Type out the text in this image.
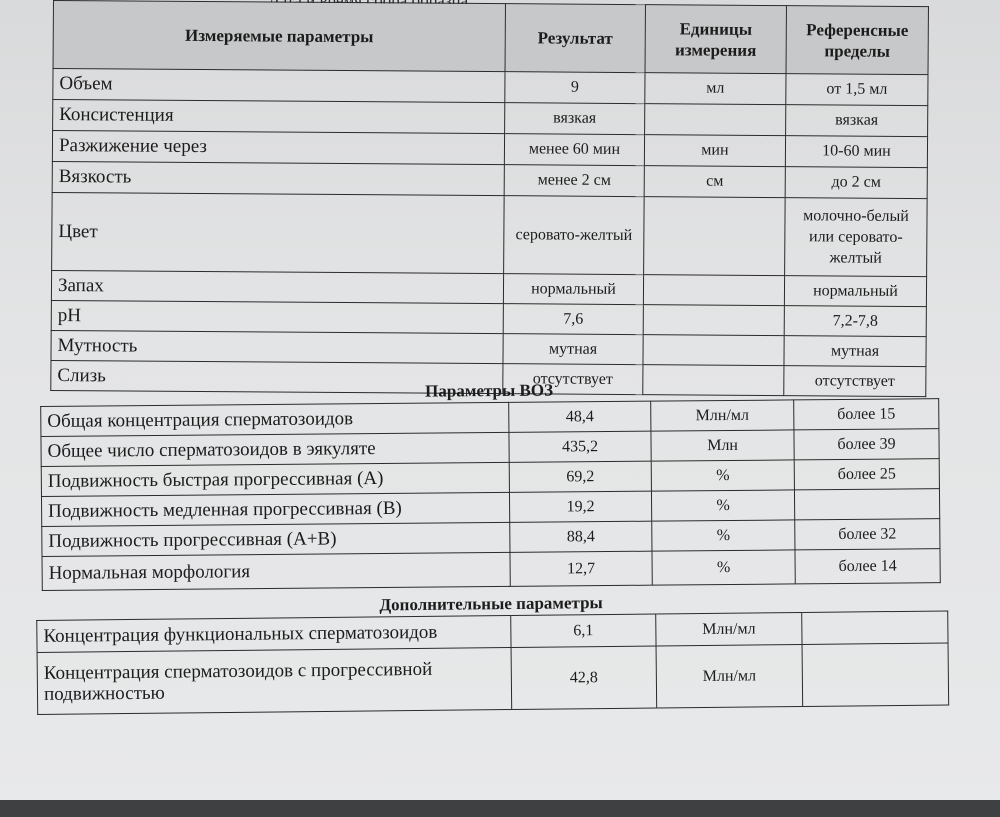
Измеряемые параметры	Результат	Единицы измерения	Референсные пределы
Объем	9	мл	от 1,5 мл
Консистенция	вязкая		вязкая
Разжижение через	менее 60 мин	мин	10-60 мин
Вязкость	менее 2 см	см	до 2 см
Цвет	серовато-желтый		молочно-белый или серовато-желтый
Запах	нормальный		нормальный
pH	7,6		7,2-7,8
Мутность	мутная		мутная
Слизь	отсутствует		отсутствует
Параметры ВОЗ
Общая концентрация сперматозоидов	48,4	Млн/мл	более 15
Общее число сперматозоидов в эякуляте	435,2	Млн	более 39
Подвижность быстрая прогрессивная (А)	69,2	%	более 25
Подвижность медленная прогрессивная (В)	19,2	%	
Подвижность прогрессивная (А+В)	88,4	%	более 32
Нормальная морфология	12,7	%	более 14
Дополнительные параметры
Концентрация функциональных сперматозоидов	6,1	Млн/мл	
Концентрация сперматозоидов с прогрессивной подвижностью	42,8	Млн/мл	
